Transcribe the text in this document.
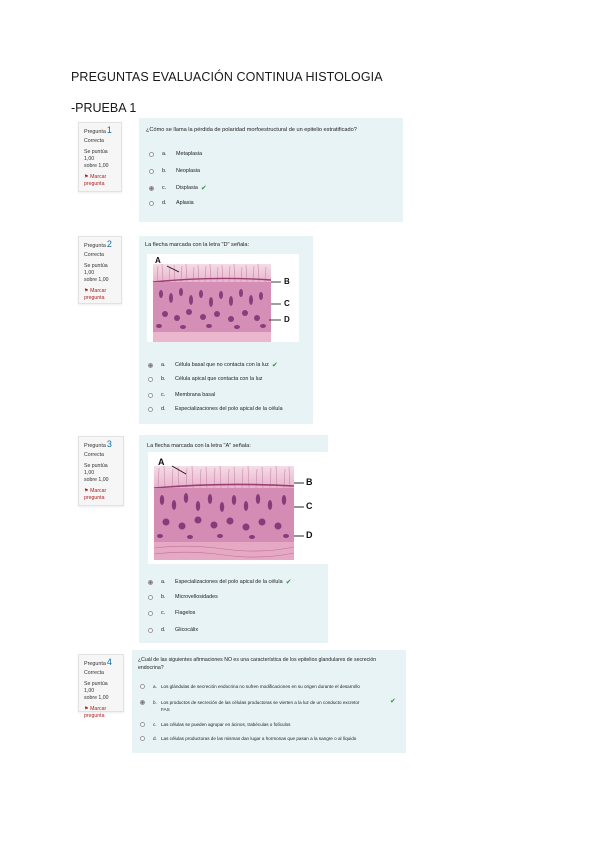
PREGUNTAS EVALUACIÓN CONTINUA HISTOLOGIA
-PRUEBA 1
Pregunta1
Correcta
Se puntúa 1,00
sobre 1,00
⚑ Marcar pregunta
¿Cómo se llama la pérdida de polaridad morfoestructural de un epitelio estratificado?
a.	Metaplasia
b.	Neoplasia
c.	Displasia ✔
d.	Aplasia
Pregunta2
Correcta
Se puntúa 1,00
sobre 1,00
⚑ Marcar pregunta
La flecha marcada con la letra "D" señala:
A
B
C
D
a.	Célula basal que no contacta con la luz ✔
b.	Célula apical que contacta con la luz
c.	Membrana basal
d.	Especializaciones del polo apical de la célula
Pregunta3
Correcta
Se puntúa 1,00
sobre 1,00
⚑ Marcar pregunta
La flecha marcada con la letra "A" señala:
A
B
C
D
a.	Especializaciones del polo apical de la célula ✔
b.	Microvellosidades
c.	Flagelos
d.	Glicocálix
Pregunta4
Correcta
Se puntúa 1,00
sobre 1,00
⚑ Marcar pregunta
¿Cuál de las siguientes afirmaciones NO es una característica de los epitelios glandulares de secreción
endocrina?
a. Los glándulas de secreción endocrina no sufren modificaciones en su origen durante el desarrollo
b. Los productos de secreción de las células productoras se vierten a la luz de un conducto excretor	✔
FAS
c. Las células se pueden agrupar en ácinos, trabéculas o folículos
d. Las células productoras de las mismas dan lugar a hormonas que pasan a la sangre o al líquido
